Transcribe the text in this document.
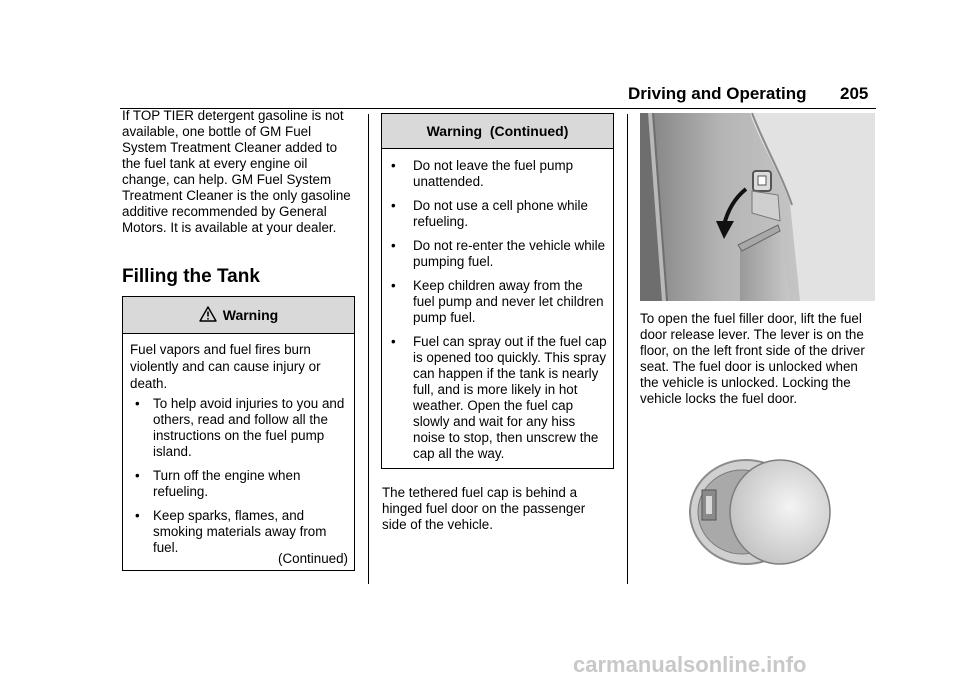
Driving and Operating 205
If TOP TIER detergent gasoline is not available, one bottle of GM Fuel System Treatment Cleaner added to the fuel tank at every engine oil change, can help. GM Fuel System Treatment Cleaner is the only gasoline additive recommended by General Motors. It is available at your dealer.
Filling the Tank
Warning
Fuel vapors and fuel fires burn violently and can cause injury or death.
• To help avoid injuries to you and others, read and follow all the instructions on the fuel pump island.
• Turn off the engine when refueling.
• Keep sparks, flames, and smoking materials away from fuel.
(Continued)
Warning  (Continued)
• Do not leave the fuel pump unattended.
• Do not use a cell phone while refueling.
• Do not re-enter the vehicle while pumping fuel.
• Keep children away from the fuel pump and never let children pump fuel.
• Fuel can spray out if the fuel cap is opened too quickly. This spray can happen if the tank is nearly full, and is more likely in hot weather. Open the fuel cap slowly and wait for any hiss noise to stop, then unscrew the cap all the way.
The tethered fuel cap is behind a hinged fuel door on the passenger side of the vehicle.
To open the fuel filler door, lift the fuel door release lever. The lever is on the floor, on the left front side of the driver seat. The fuel door is unlocked when the vehicle is unlocked. Locking the vehicle locks the fuel door.
carmanualsonline.info
